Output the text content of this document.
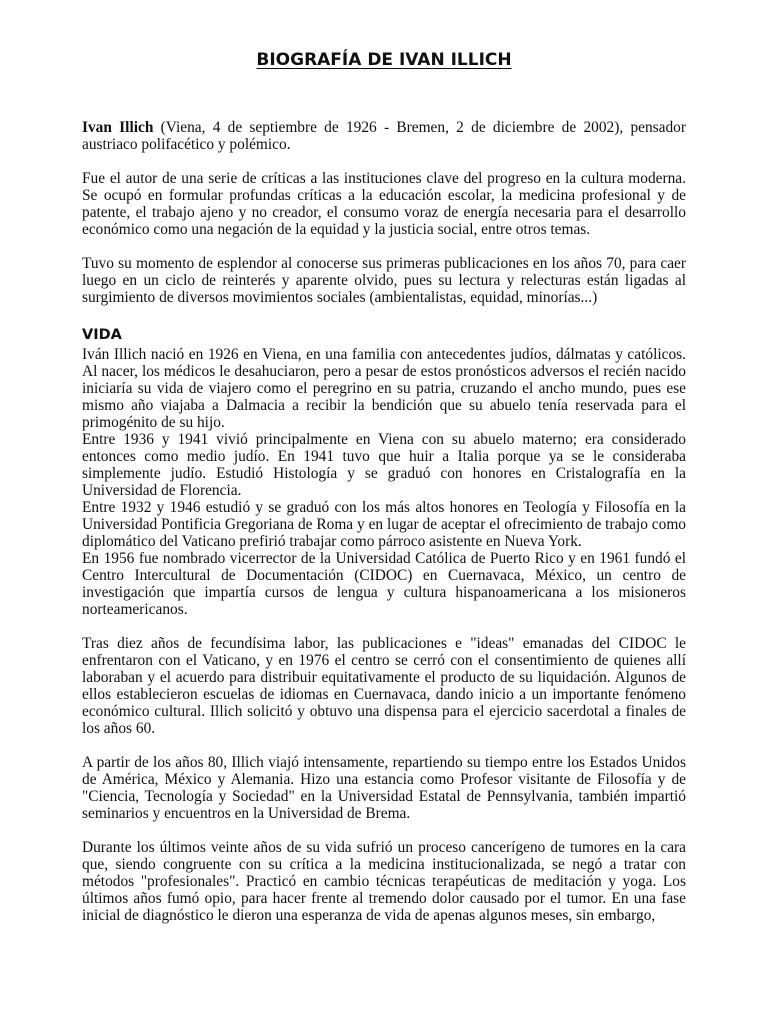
BIOGRAFÍA DE IVAN ILLICH

Ivan Illich (Viena, 4 de septiembre de 1926 - Bremen, 2 de diciembre de 2002), pensador austriaco polifacético y polémico.

Fue el autor de una serie de críticas a las instituciones clave del progreso en la cultura moderna. Se ocupó en formular profundas críticas a la educación escolar, la medicina profesional y de patente, el trabajo ajeno y no creador, el consumo voraz de energía necesaria para el desarrollo económico como una negación de la equidad y la justicia social, entre otros temas.

Tuvo su momento de esplendor al conocerse sus primeras publicaciones en los años 70, para caer luego en un ciclo de reinterés y aparente olvido, pues su lectura y relecturas están ligadas al surgimiento de diversos movimientos sociales (ambientalistas, equidad, minorías...)

VIDA

Iván Illich nació en 1926 en Viena, en una familia con antecedentes judíos, dálmatas y católicos. Al nacer, los médicos le desahuciaron, pero a pesar de estos pronósticos adversos el recién nacido iniciaría su vida de viajero como el peregrino en su patria, cruzando el ancho mundo, pues ese mismo año viajaba a Dalmacia a recibir la bendición que su abuelo tenía reservada para el primogénito de su hijo.

Entre 1936 y 1941 vivió principalmente en Viena con su abuelo materno; era considerado entonces como medio judío. En 1941 tuvo que huir a Italia porque ya se le consideraba simplemente judío. Estudió Histología y se graduó con honores en Cristalografía en la Universidad de Florencia.

Entre 1932 y 1946 estudió y se graduó con los más altos honores en Teología y Filosofía en la Universidad Pontificia Gregoriana de Roma y en lugar de aceptar el ofrecimiento de trabajo como diplomático del Vaticano prefirió trabajar como párroco asistente en Nueva York.

En 1956 fue nombrado vicerrector de la Universidad Católica de Puerto Rico y en 1961 fundó el Centro Intercultural de Documentación (CIDOC) en Cuernavaca, México, un centro de investigación que impartía cursos de lengua y cultura hispanoamericana a los misioneros norteamericanos.

Tras diez años de fecundísima labor, las publicaciones e "ideas" emanadas del CIDOC le enfrentaron con el Vaticano, y en 1976 el centro se cerró con el consentimiento de quienes allí laboraban y el acuerdo para distribuir equitativamente el producto de su liquidación. Algunos de ellos establecieron escuelas de idiomas en Cuernavaca, dando inicio a un importante fenómeno económico cultural. Illich solicitó y obtuvo una dispensa para el ejercicio sacerdotal a finales de los años 60.

A partir de los años 80, Illich viajó intensamente, repartiendo su tiempo entre los Estados Unidos de América, México y Alemania. Hizo una estancia como Profesor visitante de Filosofía y de "Ciencia, Tecnología y Sociedad" en la Universidad Estatal de Pennsylvania, también impartió seminarios y encuentros en la Universidad de Brema.

Durante los últimos veinte años de su vida sufrió un proceso cancerígeno de tumores en la cara que, siendo congruente con su crítica a la medicina institucionalizada, se negó a tratar con métodos "profesionales". Practicó en cambio técnicas terapéuticas de meditación y yoga. Los últimos años fumó opio, para hacer frente al tremendo dolor causado por el tumor. En una fase inicial de diagnóstico le dieron una esperanza de vida de apenas algunos meses, sin embargo,
